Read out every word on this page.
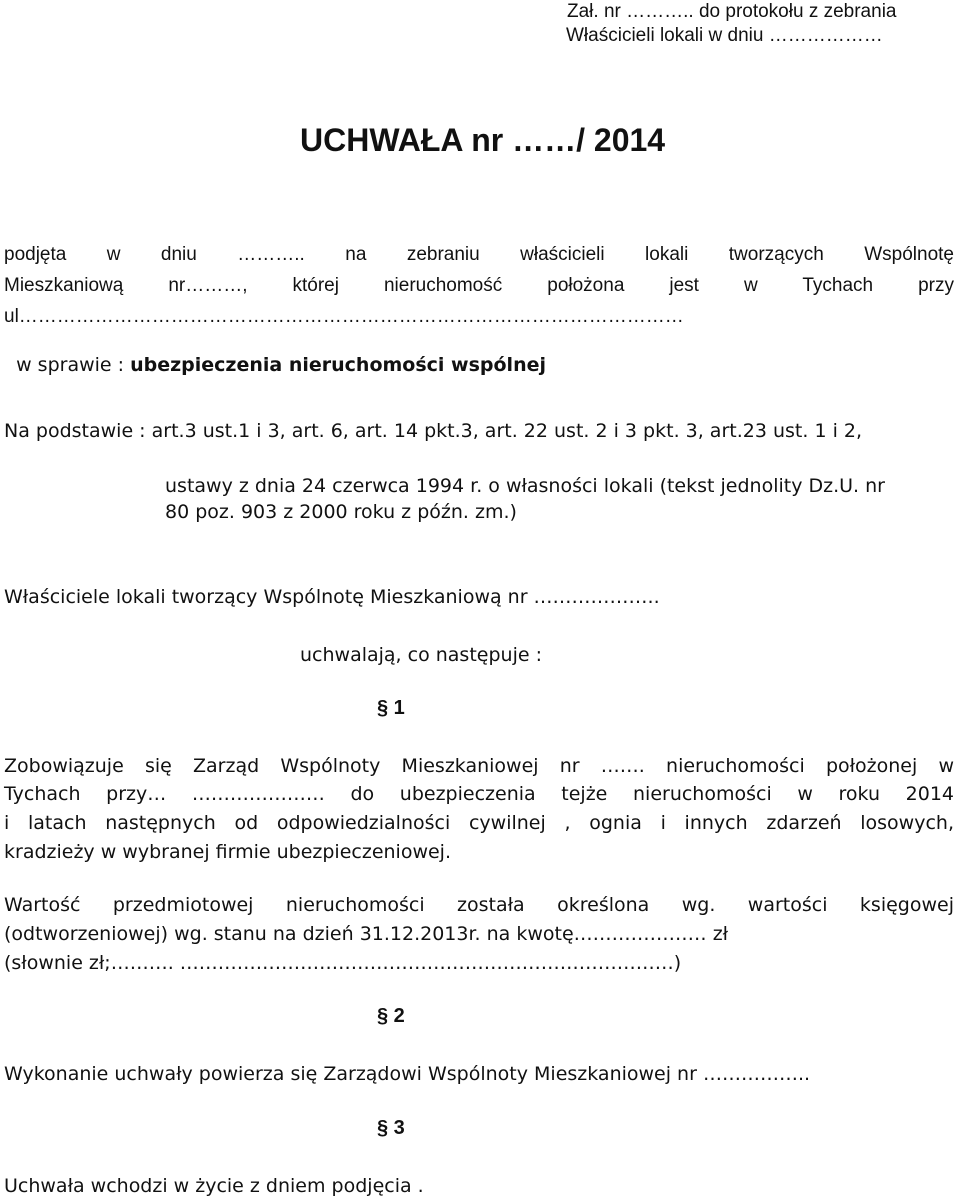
Zał. nr ……….. do protokołu z zebrania
Właścicieli lokali w dniu ………………
UCHWAŁA nr ……/ 2014
podjęta w dniu ……….. na zebraniu właścicieli lokali tworzących Wspólnotę
Mieszkaniową nr………, której nieruchomość położona jest w Tychach przy
ul……………………………………………………………………………………………

w sprawie : ubezpieczenia nieruchomości wspólnej

Na podstawie : art.3 ust.1 i 3, art. 6, art. 14 pkt.3, art. 22 ust. 2 i 3 pkt. 3, art.23 ust. 1 i 2,
ustawy z dnia 24 czerwca 1994 r. o własności lokali (tekst jednolity Dz.U. nr
80 poz. 903 z 2000 roku z późn. zm.)
Właściciele lokali tworzący Wspólnotę Mieszkaniową nr ………………..
uchwalają, co następuje :
§ 1
Zobowiązuje się Zarząd Wspólnoty Mieszkaniowej nr ……. nieruchomości położonej w
Tychach przy… ………………… do ubezpieczenia tejże nieruchomości w roku 2014
i latach następnych od odpowiedzialności cywilnej , ognia i innych zdarzeń losowych,
kradzieży w wybranej firmie ubezpieczeniowej.
Wartość przedmiotowej nieruchomości została określona wg. wartości księgowej
(odtworzeniowej) wg. stanu na dzień 31.12.2013r. na kwotę………………… zł
(słownie zł;………. ……………………………………………………………………)
§ 2
Wykonanie uchwały powierza się Zarządowi Wspólnoty Mieszkaniowej nr ……………..
§ 3
Uchwała wchodzi w życie z dniem podjęcia .
